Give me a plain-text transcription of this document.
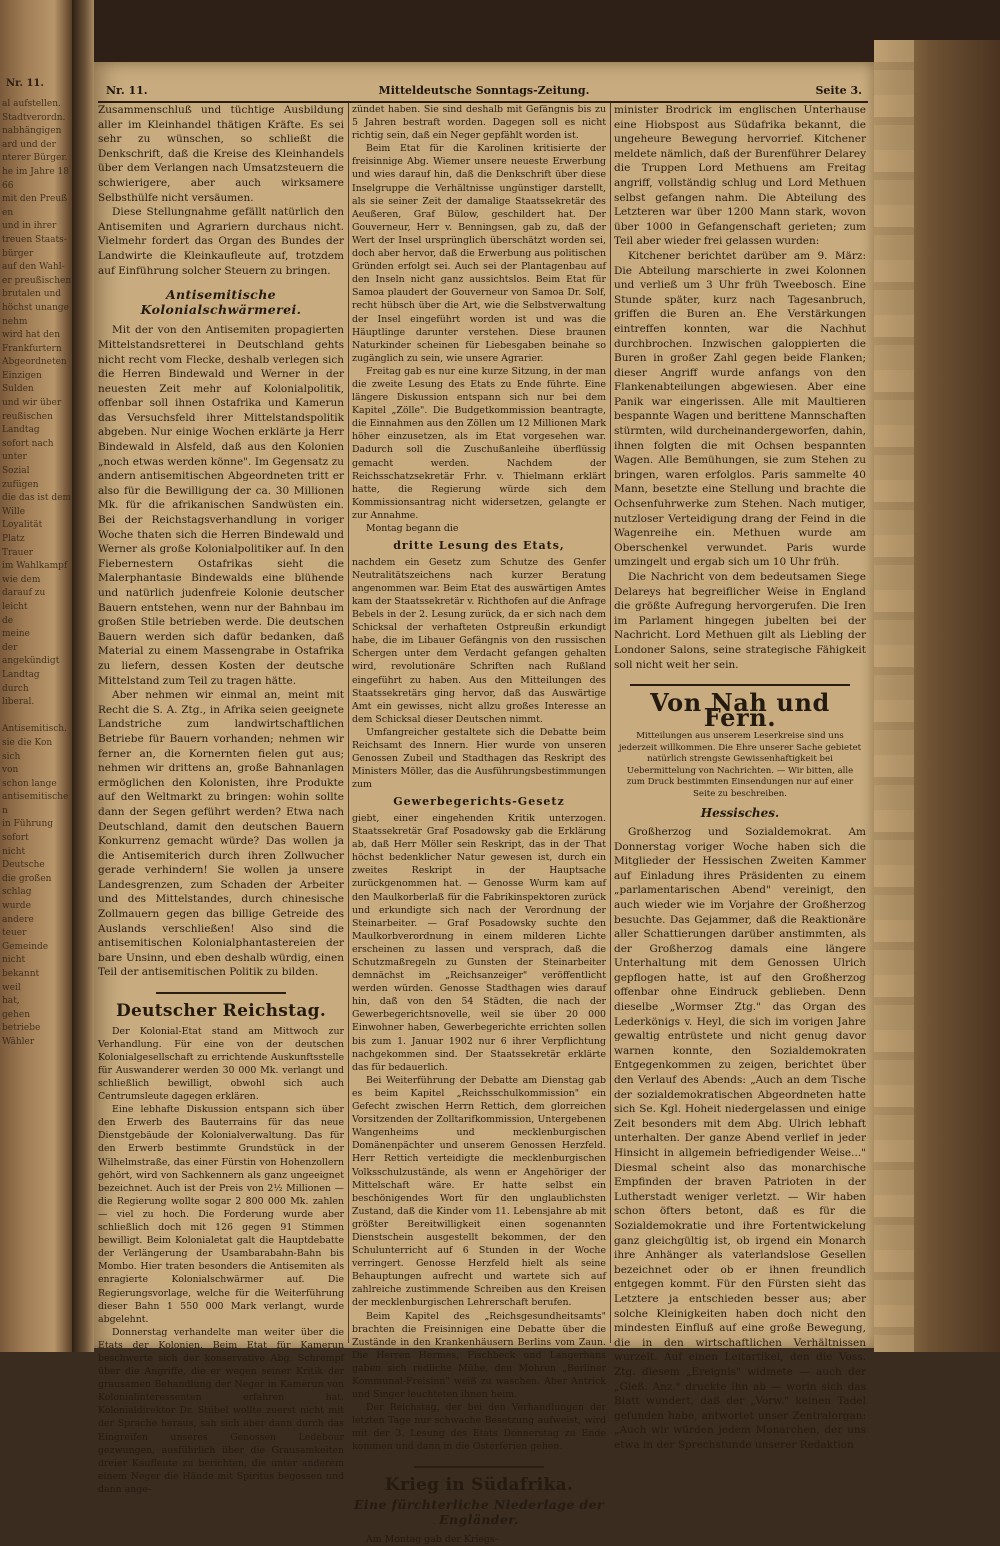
Nr. 11.
al aufstellen.
Stadtverordn.
nabhängigen
ard und der
nterer Bürger.
he im Jahre 1866
mit den Preußen
und in ihrer
treuen Staats-
bürger
auf den Wahl-
er preußischen
brutalen und
höchst unangenehm
wird hat den
Frankfurtern
Abgeordneten
Einzigen
Sulden
und wir über
reußischen
Landtag
sofort nach
unter
Sozial
zufügen
die das ist dem
Wille
Loyalität
Platz
Trauer
im Wahlkampf
wie dem
darauf zu
leicht
de
meine
der
angekündigt
Landtag
durch
liberal.

Antisemitisch.
sie die Kon
sich
von
schon lange
antisemitischen
in Führung
sofort
nicht
Deutsche
die großen
schlag
wurde
andere
teuer
Gemeinde
nicht
bekannt
weil
hat,
gehen
betriebe
Wähler
Nr. 11.	Mitteldeutsche Sonntags-Zeitung.	Seite 3.

Zusammenschluß und tüchtige Ausbildung aller im Kleinhandel thätigen Kräfte. Es sei sehr zu wünschen, so schließt die Denkschrift, daß die Kreise des Kleinhandels über dem Verlangen nach Umsatzsteuern die schwierigere, aber auch wirksamere Selbsthülfe nicht versäumen.

Diese Stellungnahme gefällt natürlich den Antisemiten und Agrariern durchaus nicht. Vielmehr fordert das Organ des Bundes der Landwirte die Kleinkaufleute auf, trotzdem auf Einführung solcher Steuern zu bringen.

Antisemitische Kolonialschwärmerei.

Mit der von den Antisemiten propagierten Mittelstandsretterei in Deutschland gehts nicht recht vom Flecke, deshalb verlegen sich die Herren Bindewald und Werner in der neuesten Zeit mehr auf Kolonialpolitik, offenbar soll ihnen Ostafrika und Kamerun das Versuchsfeld ihrer Mittelstandspolitik abgeben. Nur einige Wochen erklärte ja Herr Bindewald in Alsfeld, daß aus den Kolonien „noch etwas werden könne". Im Gegensatz zu andern antisemitischen Abgeordneten tritt er also für die Bewilligung der ca. 30 Millionen Mk. für die afrikanischen Sandwüsten ein. Bei der Reichstagsverhandlung in voriger Woche thaten sich die Herren Bindewald und Werner als große Kolonialpolitiker auf. In den Fiebernestern Ostafrikas sieht die Malerphantasie Bindewalds eine blühende und natürlich judenfreie Kolonie deutscher Bauern entstehen, wenn nur der Bahnbau im großen Stile betrieben werde. Die deutschen Bauern werden sich dafür bedanken, daß Material zu einem Massengrabe in Ostafrika zu liefern, dessen Kosten der deutsche Mittelstand zum Teil zu tragen hätte.

Aber nehmen wir einmal an, meint mit Recht die S. A. Ztg., in Afrika seien geeignete Landstriche zum landwirtschaftlichen Betriebe für Bauern vorhanden; nehmen wir ferner an, die Kornernten fielen gut aus; nehmen wir drittens an, große Bahnanlagen ermöglichen den Kolonisten, ihre Produkte auf den Weltmarkt zu bringen: wohin sollte dann der Segen geführt werden? Etwa nach Deutschland, damit den deutschen Bauern Konkurrenz gemacht würde? Das wollen ja die Antisemiterich durch ihren Zollwucher gerade verhindern! Sie wollen ja unsere Landesgrenzen, zum Schaden der Arbeiter und des Mittelstandes, durch chinesische Zollmauern gegen das billige Getreide des Auslands verschließen! Also sind die antisemitischen Kolonialphantastereien der bare Unsinn, und eben deshalb würdig, einen Teil der antisemitischen Politik zu bilden.

Deutscher Reichstag.

Der Kolonial-Etat stand am Mittwoch zur Verhandlung. Für eine von der deutschen Kolonialgesellschaft zu errichtende Auskunftsstelle für Auswanderer werden 30 000 Mk. verlangt und schließlich bewilligt, obwohl sich auch Centrumsleute dagegen erklären.

Eine lebhafte Diskussion entspann sich über den Erwerb des Bauterrains für das neue Dienstgebäude der Kolonialverwaltung. Das für den Erwerb bestimmte Grundstück in der Wilhelmstraße, das einer Fürstin von Hohenzollern gehört, wird von Sachkennern als ganz ungeeignet bezeichnet. Auch ist der Preis von 2½ Millionen — die Regierung wollte sogar 2 800 000 Mk. zahlen — viel zu hoch. Die Forderung wurde aber schließlich doch mit 126 gegen 91 Stimmen bewilligt. Beim Kolonialetat galt die Hauptdebatte der Verlängerung der Usambarabahn-Bahn bis Mombo. Hier traten besonders die Antisemiten als enragierte Kolonialschwärmer auf. Die Regierungsvorlage, welche für die Weiterführung dieser Bahn 1 550 000 Mark verlangt, wurde abgelehnt.

Donnerstag verhandelte man weiter über die Etats der Kolonien. Beim Etat für Kamerun beschwerte sich der konservative Abg. Schrempf über die Angriffe, die er wegen seiner Kritik der grausamen Behandlung der Neger in Kamerun von Kolonialinteressenten erfahren hat. Kolonialdirektor Dr. Stübel wollte zuerst nicht mit der Sprache heraus, sah sich aber dann durch das Eingreifen unseres Genossen Ledebour gezwungen, ausführlich über die Grausamkeiten dreier Kaufleute zu berichten, die unter anderem einem Neger die Hände mit Spiritus begossen und dann ange-

zündet haben. Sie sind deshalb mit Gefängnis bis zu 5 Jahren bestraft worden. Dagegen soll es nicht richtig sein, daß ein Neger gepfählt worden ist.

Beim Etat für die Karolinen kritisierte der freisinnige Abg. Wiemer unsere neueste Erwerbung und wies darauf hin, daß die Denkschrift über diese Inselgruppe die Verhältnisse ungünstiger darstellt, als sie seiner Zeit der damalige Staatssekretär des Aeußeren, Graf Bülow, geschildert hat. Der Gouverneur, Herr v. Benningsen, gab zu, daß der Wert der Insel ursprünglich überschätzt worden sei, doch aber hervor, daß die Erwerbung aus politischen Gründen erfolgt sei. Auch sei der Plantagenbau auf den Inseln nicht ganz aussichtslos. Beim Etat für Samoa plaudert der Gouverneur von Samoa Dr. Solf, recht hübsch über die Art, wie die Selbstverwaltung der Insel eingeführt worden ist und was die Häuptlinge darunter verstehen. Diese braunen Naturkinder scheinen für Liebesgaben beinahe so zugänglich zu sein, wie unsere Agrarier.

Freitag gab es nur eine kurze Sitzung, in der man die zweite Lesung des Etats zu Ende führte. Eine längere Diskussion entspann sich nur bei dem Kapitel „Zölle". Die Budgetkommission beantragte, die Einnahmen aus den Zöllen um 12 Millionen Mark höher einzusetzen, als im Etat vorgesehen war. Dadurch soll die Zuschußanleihe überflüssig gemacht werden. Nachdem der Reichsschatzsekretär Frhr. v. Thielmann erklärt hatte, die Regierung würde sich dem Kommissionsantrag nicht widersetzen, gelangte er zur Annahme.

Montag begann die

dritte Lesung des Etats,

nachdem ein Gesetz zum Schutze des Genfer Neutralitätszeichens nach kurzer Beratung angenommen war. Beim Etat des auswärtigen Amtes kam der Staatssekretär v. Richthofen auf die Anfrage Bebels in der 2. Lesung zurück, da er sich nach dem Schicksal der verhafteten Ostpreußin erkundigt habe, die im Libauer Gefängnis von den russischen Schergen unter dem Verdacht gefangen gehalten wird, revolutionäre Schriften nach Rußland eingeführt zu haben. Aus den Mitteilungen des Staatssekretärs ging hervor, daß das Auswärtige Amt ein gewisses, nicht allzu großes Interesse an dem Schicksal dieser Deutschen nimmt.

Umfangreicher gestaltete sich die Debatte beim Reichsamt des Innern. Hier wurde von unseren Genossen Zubeil und Stadthagen das Reskript des Ministers Möller, das die Ausführungsbestimmungen zum

Gewerbegerichts-Gesetz

giebt, einer eingehenden Kritik unterzogen. Staatssekretär Graf Posadowsky gab die Erklärung ab, daß Herr Möller sein Reskript, das in der That höchst bedenklicher Natur gewesen ist, durch ein zweites Reskript in der Hauptsache zurückgenommen hat. — Genosse Wurm kam auf den Maulkorberlaß für die Fabrikinspektoren zurück und erkundigte sich nach der Verordnung der Steinarbeiter. — Graf Posadowsky suchte den Maulkorbverordnung in einem milderen Lichte erscheinen zu lassen und versprach, daß die Schutzmaßregeln zu Gunsten der Steinarbeiter demnächst im „Reichsanzeiger" veröffentlicht werden würden. Genosse Stadthagen wies darauf hin, daß von den 54 Städten, die nach der Gewerbegerichtsnovelle, weil sie über 20 000 Einwohner haben, Gewerbegerichte errichten sollen bis zum 1. Januar 1902 nur 6 ihrer Verpflichtung nachgekommen sind. Der Staatssekretär erklärte das für bedauerlich.

Bei Weiterführung der Debatte am Dienstag gab es beim Kapitel „Reichsschulkommission" ein Gefecht zwischen Herrn Rettich, dem glorreichen Vorsitzenden der Zolltarifkommission, Untergebenen Wangenheims und mecklenburgischen Domänenpächter und unserem Genossen Herzfeld. Herr Rettich verteidigte die mecklenburgischen Volksschulzustände, als wenn er Angehöriger der Mittelschaft wäre. Er hatte selbst ein beschönigendes Wort für den unglaublichsten Zustand, daß die Kinder vom 11. Lebensjahre ab mit größter Bereitwilligkeit einen sogenannten Dienstschein ausgestellt bekommen, der den Schulunterricht auf 6 Stunden in der Woche verringert. Genosse Herzfeld hielt als seine Behauptungen aufrecht und wartete sich auf zahlreiche zustimmende Schreiben aus den Kreisen der mecklenburgischen Lehrerschaft berufen.

Beim Kapitel des „Reichsgesundheitsamts" brachten die Freisinnigen eine Debatte über die Zustände in den Krankenhäusern Berlins vom Zaun. Die Herren Hermes, Fischbeck und Langerhans gaben sich redliche Mühe, den Mohren „Berliner Kommunal-Freisinn" weiß zu waschen. Aber Antrick und Singer leuchteten ihnen heim.

Der Reichstag, der bei den Verhandlungen der letzten Tage nur schwache Besetzung aufweist, wird mit der 3. Lesung des Etats Donnerstag zu Ende kommen und dann in die Osterferien gehen.

Krieg in Südafrika.
Eine fürchterliche Niederlage der Engländer.

Am Montag gab der Kriegs-

minister Brodrick im englischen Unterhause eine Hiobspost aus Südafrika bekannt, die ungeheure Bewegung hervorrief. Kitchener meldete nämlich, daß der Burenführer Delarey die Truppen Lord Methuens am Freitag angriff, vollständig schlug und Lord Methuen selbst gefangen nahm. Die Abteilung des Letzteren war über 1200 Mann stark, wovon über 1000 in Gefangenschaft gerieten; zum Teil aber wieder frei gelassen wurden:

Kitchener berichtet darüber am 9. März: Die Abteilung marschierte in zwei Kolonnen und verließ um 3 Uhr früh Tweebosch. Eine Stunde später, kurz nach Tagesanbruch, griffen die Buren an. Ehe Verstärkungen eintreffen konnten, war die Nachhut durchbrochen. Inzwischen galoppierten die Buren in großer Zahl gegen beide Flanken; dieser Angriff wurde anfangs von den Flankenabteilungen abgewiesen. Aber eine Panik war eingerissen. Alle mit Maultieren bespannte Wagen und berittene Mannschaften stürmten, wild durcheinandergeworfen, dahin, ihnen folgten die mit Ochsen bespannten Wagen. Alle Bemühungen, sie zum Stehen zu bringen, waren erfolglos. Paris sammelte 40 Mann, besetzte eine Stellung und brachte die Ochsenfuhrwerke zum Stehen. Nach mutiger, nutzloser Verteidigung drang der Feind in die Wagenreihe ein. Methuen wurde am Oberschenkel verwundet. Paris wurde umzingelt und ergab sich um 10 Uhr früh.

Die Nachricht von dem bedeutsamen Siege Delareys hat begreiflicher Weise in England die größte Aufregung hervorgerufen. Die Iren im Parlament hingegen jubelten bei der Nachricht. Lord Methuen gilt als Liebling der Londoner Salons, seine strategische Fähigkeit soll nicht weit her sein.

Von Nah und Fern.
Mitteilungen aus unserem Leserkreise sind uns jederzeit willkommen. Die Ehre unserer Sache gebietet natürlich strengste Gewissenhaftigkeit bei Uebermittelung von Nachrichten. — Wir bitten, alle zum Druck bestimmten Einsendungen nur auf einer Seite zu beschreiben.
Hessisches.

Großherzog und Sozialdemokrat. Am Donnerstag voriger Woche haben sich die Mitglieder der Hessischen Zweiten Kammer auf Einladung ihres Präsidenten zu einem „parlamentarischen Abend" vereinigt, den auch wieder wie im Vorjahre der Großherzog besuchte. Das Gejammer, daß die Reaktionäre aller Schattierungen darüber anstimmten, als der Großherzog damals eine längere Unterhaltung mit dem Genossen Ulrich gepflogen hatte, ist auf den Großherzog offenbar ohne Eindruck geblieben. Denn dieselbe „Wormser Ztg." das Organ des Lederkönigs v. Heyl, die sich im vorigen Jahre gewaltig entrüstete und nicht genug davor warnen konnte, den Sozialdemokraten Entgegenkommen zu zeigen, berichtet über den Verlauf des Abends: „Auch an dem Tische der sozialdemokratischen Abgeordneten hatte sich Se. Kgl. Hoheit niedergelassen und einige Zeit besonders mit dem Abg. Ulrich lebhaft unterhalten. Der ganze Abend verlief in jeder Hinsicht in allgemein befriedigender Weise..." Diesmal scheint also das monarchische Empfinden der braven Patrioten in der Lutherstadt weniger verletzt. — Wir haben schon öfters betont, daß es für die Sozialdemokratie und ihre Fortentwickelung ganz gleichgültig ist, ob irgend ein Monarch ihre Anhänger als vaterlandslose Gesellen bezeichnet oder ob er ihnen freundlich entgegen kommt. Für den Fürsten sieht das Letztere ja entschieden besser aus; aber solche Kleinigkeiten haben doch nicht den mindesten Einfluß auf eine große Bewegung, die in den wirtschaftlichen Verhältnissen wurzelt. Auf einen Leitartikel, den die Voss. Ztg. diesem „Ereignis" widmete — auch der „Gieß. Anz." druckte ihn ab — worin sich das Blatt wundert, daß der „Vorw." keinen Tadel gefunden habe, antwortet unser Zentralorgan: „Auch wir würden jedem Monarchen, der uns etwa in der Sprechstunde unserer Redaktion
